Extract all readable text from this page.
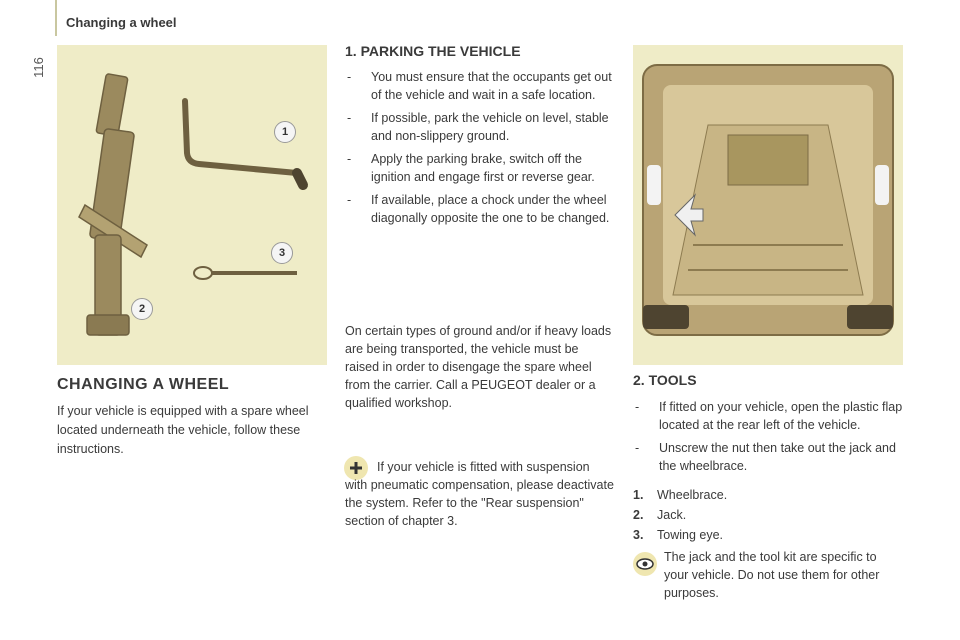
Changing a wheel
116
1
2
3
CHANGING A WHEEL
If your vehicle is equipped with a spare wheel located underneath the vehicle, follow these instructions.
1. PARKING THE VEHICLE
- You must ensure that the occupants get out of the vehicle and wait in a safe location.
- If possible, park the vehicle on level, stable and non-slippery ground.
- Apply the parking brake, switch off the ignition and engage first or reverse gear.
- If available, place a chock under the wheel diagonally opposite the one to be changed.
On certain types of ground and/or if heavy loads are being transported, the vehicle must be raised in order to disengage the spare wheel from the carrier. Call a PEUGEOT dealer or a qualified workshop.
If your vehicle is fitted with suspension with pneumatic compensation, please deactivate the system. Refer to the "Rear suspension" section of chapter 3.
2. TOOLS
- If fitted on your vehicle, open the plastic flap located at the rear left of the vehicle.
- Unscrew the nut then take out the jack and the wheelbrace.
1. Wheelbrace.
2. Jack.
3. Towing eye.
The jack and the tool kit are specific to your vehicle. Do not use them for other purposes.
